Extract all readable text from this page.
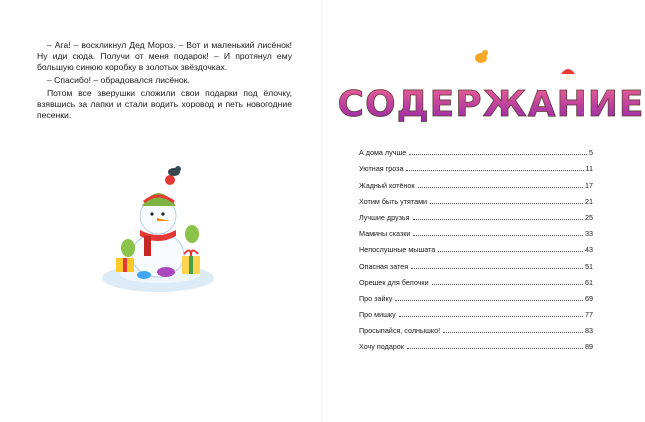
– Ага! – воскликнул Дед Мороз. – Вот и маленький лисёнок! Ну иди сюда. Получи от меня подарок! – И протянул ему большую синюю коробку в золотых звёздочках.

– Спасибо! – обрадовался лисёнок.

Потом все зверушки сложили свои подарки под ёлочку, взявшись за лапки и стали водить хоровод и петь новогодние песенки.	СОДЕРЖАНИЕ
А дома лучше	5
Уютная гроза	11
Жадный котёнок	17
Хотим быть утятами	21
Лучшие друзья	25
Мамины сказки	33
Непослушные мышата	43
Опасная затея	51
Орешек для белочки	61
Про зайку	69
Про мишку	77
Просыпайся, солнышко!	83
Хочу подарок	89
